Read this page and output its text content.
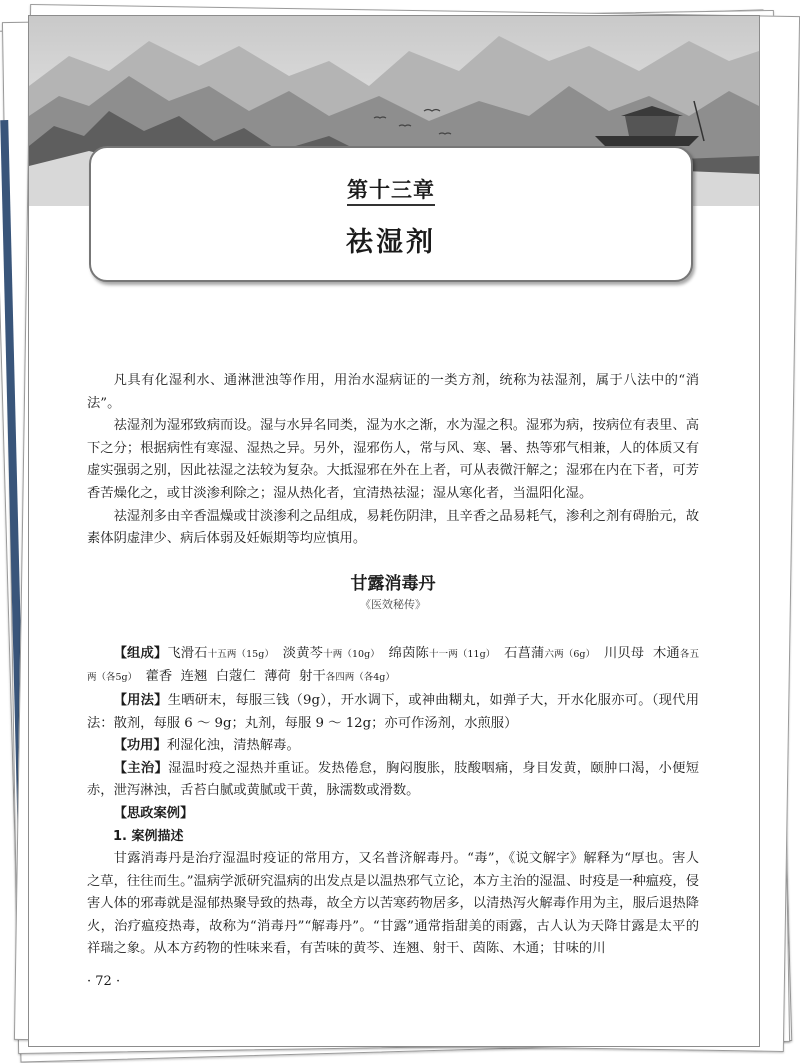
第十三章
祛湿剂

凡具有化湿利水、通淋泄浊等作用，用治水湿病证的一类方剂，统称为祛湿剂，属于八法中的“消法”。

祛湿剂为湿邪致病而设。湿与水异名同类，湿为水之渐，水为湿之积。湿邪为病，按病位有表里、高下之分；根据病性有寒湿、湿热之异。另外，湿邪伤人，常与风、寒、暑、热等邪气相兼，人的体质又有虚实强弱之别，因此祛湿之法较为复杂。大抵湿邪在外在上者，可从表微汗解之；湿邪在内在下者，可芳香苦燥化之，或甘淡渗利除之；湿从热化者，宜清热祛湿；湿从寒化者，当温阳化湿。

祛湿剂多由辛香温燥或甘淡渗利之品组成，易耗伤阴津，且辛香之品易耗气，渗利之剂有碍胎元，故素体阴虚津少、病后体弱及妊娠期等均应慎用。

甘露消毒丹
《医效秘传》

【组成】飞滑石十五两（15g） 淡黄芩十两（10g） 绵茵陈十一两（11g） 石菖蒲六两（6g） 川贝母 木通各五两（各5g） 藿香 连翘 白蔻仁 薄荷 射干各四两（各4g）

【用法】生晒研末，每服三钱（9g），开水调下，或神曲糊丸，如弹子大，开水化服亦可。（现代用法：散剂，每服 6 ～ 9g；丸剂，每服 9 ～ 12g；亦可作汤剂，水煎服）

【功用】利湿化浊，清热解毒。

【主治】湿温时疫之湿热并重证。发热倦怠，胸闷腹胀，肢酸咽痛，身目发黄，颐肿口渴，小便短赤，泄泻淋浊，舌苔白腻或黄腻或干黄，脉濡数或滑数。

【思政案例】

1. 案例描述

甘露消毒丹是治疗湿温时疫证的常用方，又名普济解毒丹。“毒”，《说文解字》解释为“厚也。害人之草，往往而生。”温病学派研究温病的出发点是以温热邪气立论，本方主治的湿温、时疫是一种瘟疫，侵害人体的邪毒就是湿郁热聚导致的热毒，故全方以苦寒药物居多，以清热泻火解毒作用为主，服后退热降火，治疗瘟疫热毒，故称为“消毒丹”“解毒丹”。“甘露”通常指甜美的雨露，古人认为天降甘露是太平的祥瑞之象。从本方药物的性味来看，有苦味的黄芩、连翘、射干、茵陈、木通；甘味的川

· 72 ·
